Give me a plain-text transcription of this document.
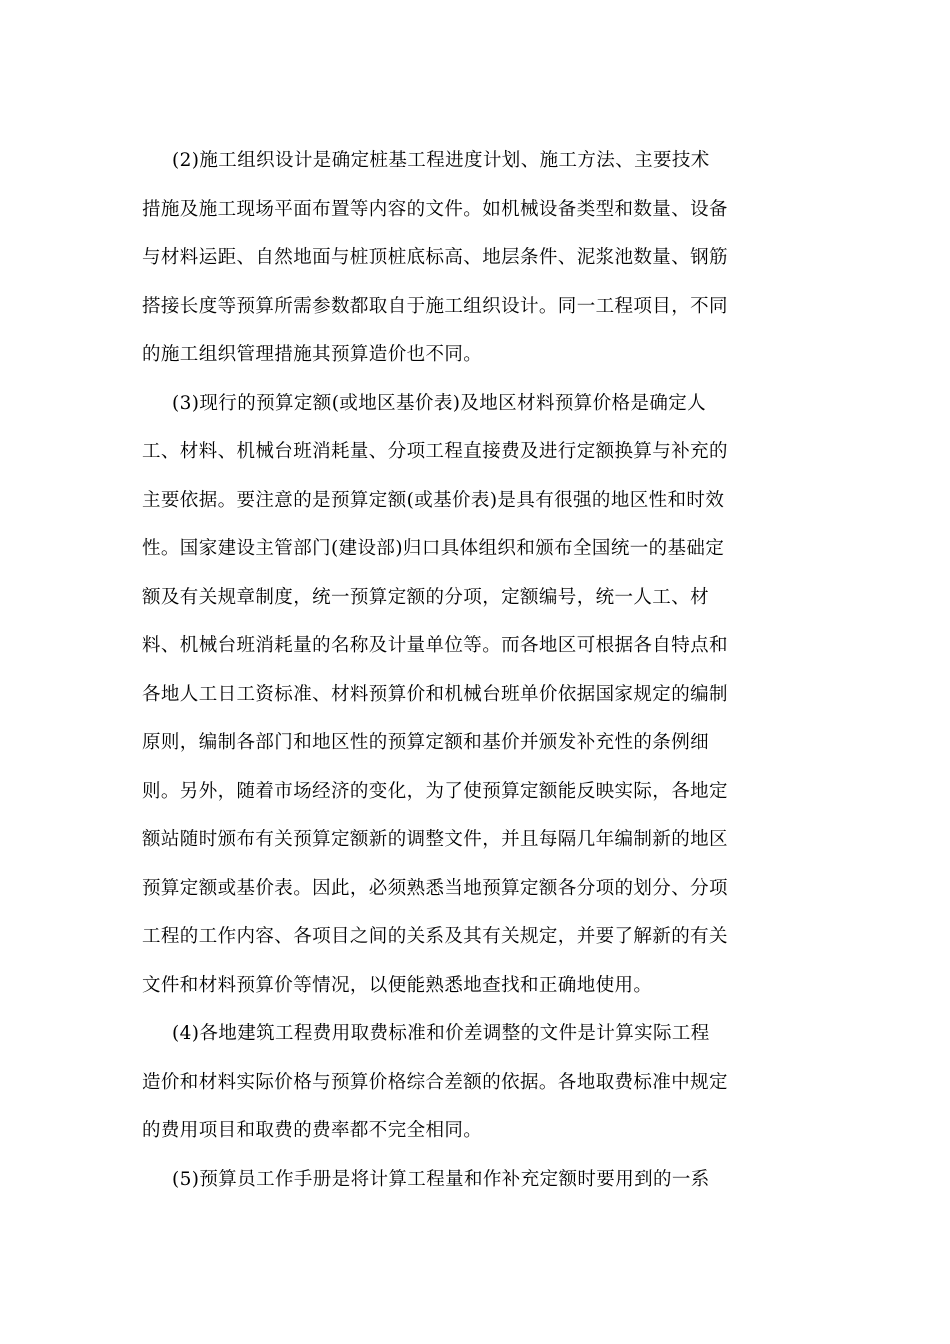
(2)施工组织设计是确定桩基工程进度计划、施工方法、主要技术
措施及施工现场平面布置等内容的文件。如机械设备类型和数量、设备
与材料运距、自然地面与桩顶桩底标高、地层条件、泥浆池数量、钢筋
搭接长度等预算所需参数都取自于施工组织设计。同一工程项目，不同
的施工组织管理措施其预算造价也不同。

(3)现行的预算定额(或地区基价表)及地区材料预算价格是确定人
工、材料、机械台班消耗量、分项工程直接费及进行定额换算与补充的
主要依据。要注意的是预算定额(或基价表)是具有很强的地区性和时效
性。国家建设主管部门(建设部)归口具体组织和颁布全国统一的基础定
额及有关规章制度，统一预算定额的分项，定额编号，统一人工、材
料、机械台班消耗量的名称及计量单位等。而各地区可根据各自特点和
各地人工日工资标准、材料预算价和机械台班单价依据国家规定的编制
原则，编制各部门和地区性的预算定额和基价并颁发补充性的条例细
则。另外，随着市场经济的变化，为了使预算定额能反映实际，各地定
额站随时颁布有关预算定额新的调整文件，并且每隔几年编制新的地区
预算定额或基价表。因此，必须熟悉当地预算定额各分项的划分、分项
工程的工作内容、各项目之间的关系及其有关规定，并要了解新的有关
文件和材料预算价等情况，以便能熟悉地查找和正确地使用。

(4)各地建筑工程费用取费标准和价差调整的文件是计算实际工程
造价和材料实际价格与预算价格综合差额的依据。各地取费标准中规定
的费用项目和取费的费率都不完全相同。

(5)预算员工作手册是将计算工程量和作补充定额时要用到的一系
